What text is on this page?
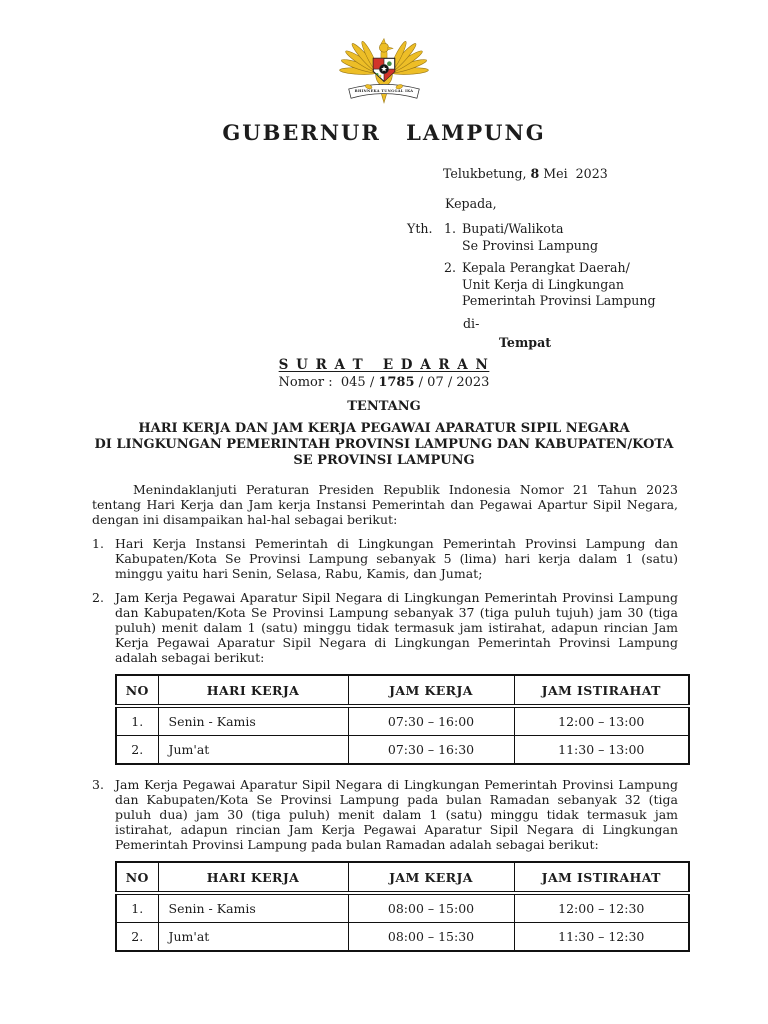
BHINNEKA TUNGGAL IKA
GUBERNUR LAMPUNG
Telukbetung, 8 Mei  2023
Kepada,
Yth. 1. Bupati/Walikota
Se Provinsi Lampung
2. Kepala Perangkat Daerah/
Unit Kerja di Lingkungan
Pemerintah Provinsi Lampung
di-
Tempat
S U R A T   E D A R A N
Nomor :  045 / 1785 / 07 / 2023
TENTANG
HARI KERJA DAN JAM KERJA PEGAWAI APARATUR SIPIL NEGARA
DI LINGKUNGAN PEMERINTAH PROVINSI LAMPUNG DAN KABUPATEN/KOTA
SE PROVINSI LAMPUNG

Menindaklanjuti Peraturan Presiden Republik Indonesia Nomor 21 Tahun 2023 tentang Hari Kerja dan Jam kerja Instansi Pemerintah dan Pegawai Apartur Sipil Negara, dengan ini disampaikan hal-hal sebagai berikut:

1. Hari Kerja Instansi Pemerintah di Lingkungan Pemerintah Provinsi Lampung dan Kabupaten/Kota Se Provinsi Lampung sebanyak 5 (lima) hari kerja dalam 1 (satu) minggu yaitu hari Senin, Selasa, Rabu, Kamis, dan Jumat;
2. Jam Kerja Pegawai Aparatur Sipil Negara di Lingkungan Pemerintah Provinsi Lampung dan Kabupaten/Kota Se Provinsi Lampung sebanyak 37 (tiga puluh tujuh) jam 30 (tiga puluh) menit dalam 1 (satu) minggu tidak termasuk jam istirahat, adapun rincian Jam Kerja Pegawai Aparatur Sipil Negara di Lingkungan Pemerintah Provinsi Lampung adalah sebagai berikut:
NO	HARI KERJA	JAM KERJA	JAM ISTIRAHAT
1.	Senin - Kamis	07:30 – 16:00	12:00 – 13:00
2.	Jum'at	07:30 – 16:30	11:30 – 13:00
3. Jam Kerja Pegawai Aparatur Sipil Negara di Lingkungan Pemerintah Provinsi Lampung dan Kabupaten/Kota Se Provinsi Lampung pada bulan Ramadan sebanyak 32 (tiga puluh dua) jam 30 (tiga puluh) menit dalam 1 (satu) minggu tidak termasuk jam istirahat, adapun rincian Jam Kerja Pegawai Aparatur Sipil Negara di Lingkungan Pemerintah Provinsi Lampung pada bulan Ramadan adalah sebagai berikut:
NO	HARI KERJA	JAM KERJA	JAM ISTIRAHAT
1.	Senin - Kamis	08:00 – 15:00	12:00 – 12:30
2.	Jum'at	08:00 – 15:30	11:30 – 12:30
